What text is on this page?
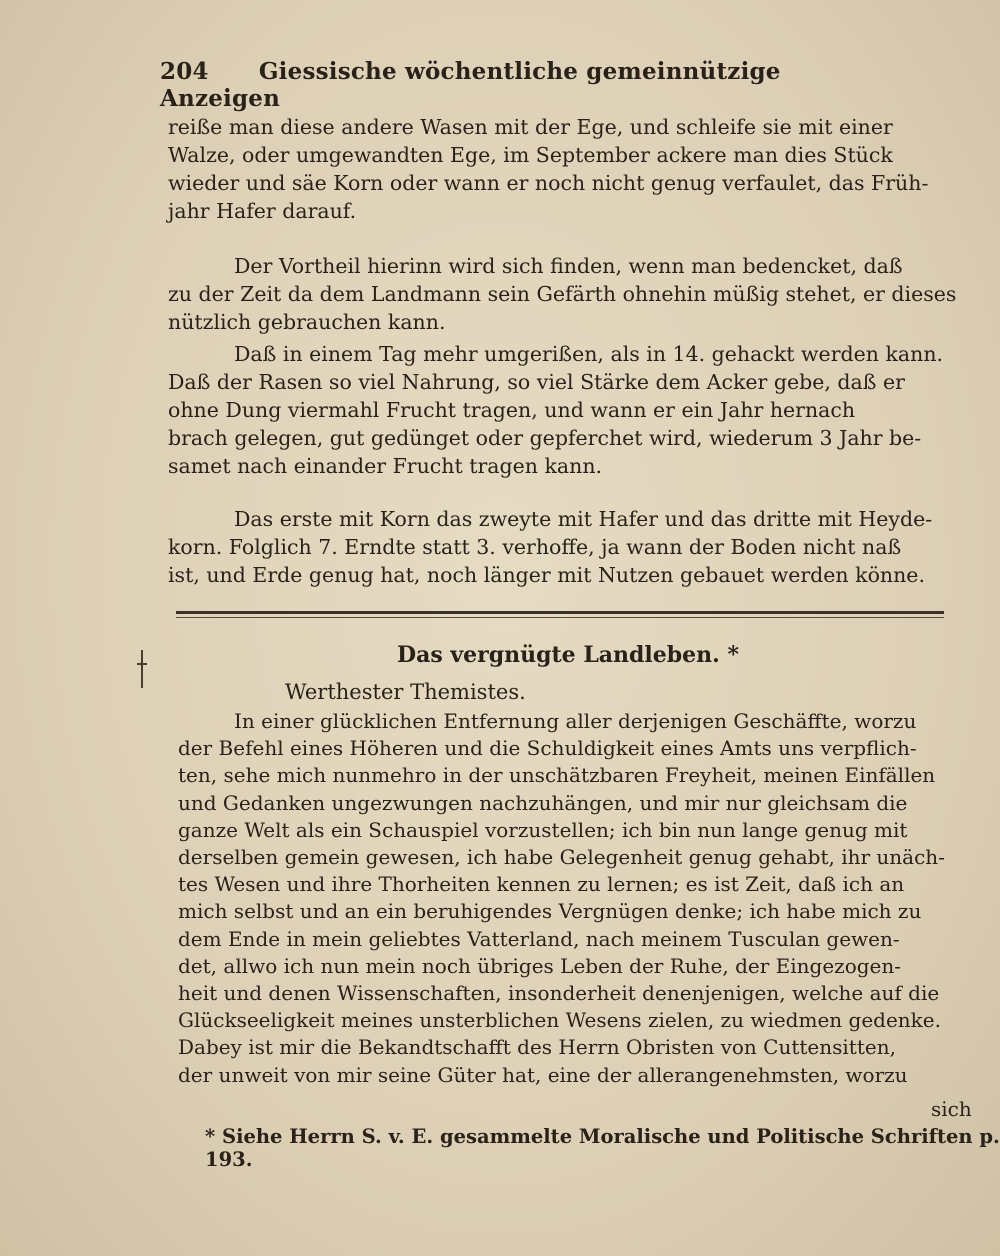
204 Giessische wöchentliche gemeinnützige Anzeigen
reiße man diese andere Wasen mit der Ege, und schleife sie mit einer
Walze, oder umgewandten Ege, im September ackere man dies Stück
wieder und säe Korn oder wann er noch nicht genug verfaulet, das Früh-
jahr Hafer darauf.
Der Vortheil hierinn wird sich finden, wenn man bedencket, daß
zu der Zeit da dem Landmann sein Gefärth ohnehin müßig stehet, er dieses
nützlich gebrauchen kann.
Daß in einem Tag mehr umgerißen, als in 14. gehackt werden kann.
Daß der Rasen so viel Nahrung, so viel Stärke dem Acker gebe, daß er
ohne Dung viermahl Frucht tragen, und wann er ein Jahr hernach
brach gelegen, gut gedünget oder gepferchet wird, wiederum 3 Jahr be-
samet nach einander Frucht tragen kann.
Das erste mit Korn das zweyte mit Hafer und das dritte mit Heyde-
korn. Folglich 7. Erndte statt 3. verhoffe, ja wann der Boden nicht naß
ist, und Erde genug hat, noch länger mit Nutzen gebauet werden könne.
Das vergnügte Landleben. *
Werthester Themistes.
In einer glücklichen Entfernung aller derjenigen Geschäffte, worzu
der Befehl eines Höheren und die Schuldigkeit eines Amts uns verpflich-
ten, sehe mich nunmehro in der unschätzbaren Freyheit, meinen Einfällen
und Gedanken ungezwungen nachzuhängen, und mir nur gleichsam die
ganze Welt als ein Schauspiel vorzustellen; ich bin nun lange genug mit
derselben gemein gewesen, ich habe Gelegenheit genug gehabt, ihr unäch-
tes Wesen und ihre Thorheiten kennen zu lernen; es ist Zeit, daß ich an
mich selbst und an ein beruhigendes Vergnügen denke; ich habe mich zu
dem Ende in mein geliebtes Vatterland, nach meinem Tusculan gewen-
det, allwo ich nun mein noch übriges Leben der Ruhe, der Eingezogen-
heit und denen Wissenschaften, insonderheit denenjenigen, welche auf die
Glückseeligkeit meines unsterblichen Wesens zielen, zu wiedmen gedenke.
Dabey ist mir die Bekandtschafft des Herrn Obristen von Cuttensitten,
der unweit von mir seine Güter hat, eine der allerangenehmsten, worzu
sich
* Siehe Herrn S. v. E. gesammelte Moralische und Politische Schriften p. 193.
